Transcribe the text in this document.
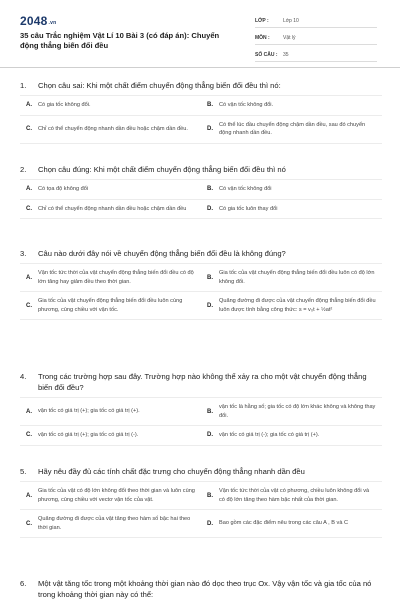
2048.vn
35 câu Trắc nghiệm Vật Lí 10 Bài 3 (có đáp án): Chuyển động thẳng biến đổi đều
LỚP :	Lớp 10
MÔN :	Vật lý
SỐ CÂU :	35
1.	Chọn câu sai: Khi một chất điểm chuyển động thẳng biến đổi đều thì nó:
A.	Có gia tốc không đổi.	B.	Có vận tốc không đổi.
C.	Chỉ có thể chuyển động nhanh dần đều hoặc chậm dần đều.	D.
Có thể lúc đầu chuyển động chậm dần đều, sau đó chuyển động nhanh dần đều.
2.	Chọn câu đúng: Khi một chất điểm chuyển động thẳng biến đổi đều thì nó
A.	Có tọa độ không đổi	B.	Có vận tốc không đổi
C.	Chỉ có thể chuyển động nhanh dần đều hoặc chậm dần đều	D.	Có gia tốc luôn thay đổi
3.	Câu nào dưới đây nói về chuyển động thẳng biến đổi đều là không đúng?
A.
Vận tốc tức thời của vật chuyển động thẳng biến đổi đều có độ lớn tăng hay giảm đều theo thời gian.
B.
Gia tốc của vật chuyển động thẳng biến đổi đều luôn có độ lớn không đổi.
C.
Gia tốc của vật chuyển động thẳng biến đổi đều luôn cùng phương, cùng chiều với vận tốc.
D.
Quãng đường đi được của vật chuyển động thẳng biến đổi đều luôn được tính bằng công thức: s = v₀t + ½at²
4.	Trong các trường hợp sau đây. Trường hợp nào không thể xảy ra cho một vật chuyển động thẳng biến đổi đều?
A.	vận tốc có giá trị (+); gia tốc có giá trị (+).	B.
vận tốc là hằng số; gia tốc có độ lớn khác không và không thay đổi.
C.	vận tốc có giá trị (+); gia tốc có giá trị (-).	D.	vận tốc có giá trị (-); gia tốc có giá trị (+).
5.	Hãy nêu đầy đủ các tính chất đặc trưng cho chuyển động thẳng nhanh dần đều
A.
Gia tốc của vật có độ lớn không đổi theo thời gian và luôn cùng phương, cùng chiều với vectơ vận tốc của vật.
B.
Vận tốc tức thời của vật có phương, chiều luôn không đổi và có độ lớn tăng theo hàm bậc nhất của thời gian.
C.
Quãng đường đi được của vật tăng theo hàm số bậc hai theo thời gian.
D.	Bao gồm các đặc điểm nêu trong các câu A , B và C
6.	Một vật tăng tốc trong một khoảng thời gian nào đó dọc theo trục Ox. Vậy vận tốc và gia tốc của nó trong khoảng thời gian này có thể:
